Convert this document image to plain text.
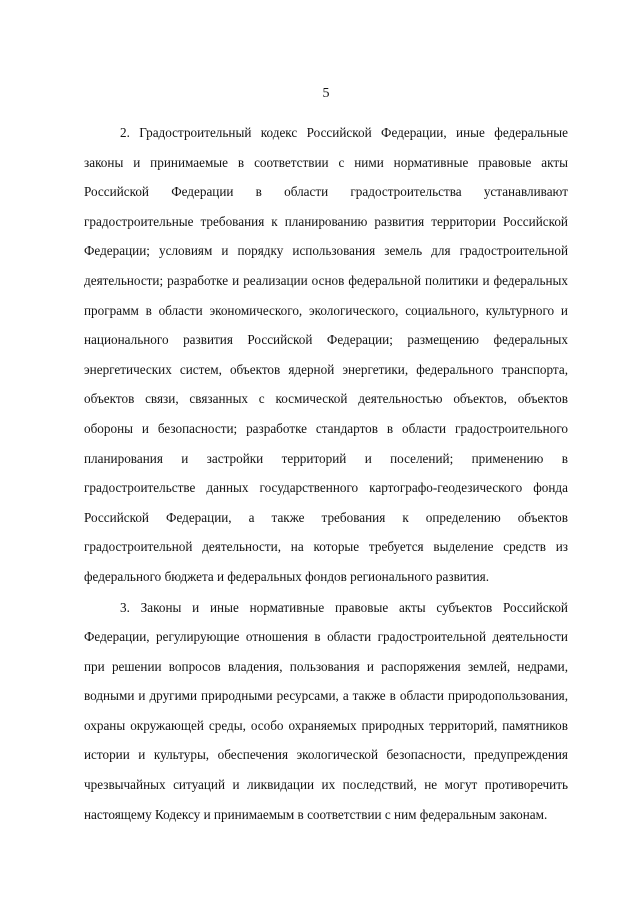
5

2. Градостроительный кодекс Российской Федерации, иные федеральные
законы и принимаемые в соответствии с ними нормативные правовые акты
Российской Федерации в области градостроительства устанавливают
градостроительные требования к планированию развития территории Российской
Федерации; условиям и порядку использования земель для градостроительной
деятельности; разработке и реализации основ федеральной политики и федеральных
программ в области экономического, экологического, социального, культурного и
национального развития Российской Федерации; размещению федеральных
энергетических систем, объектов ядерной энергетики, федерального транспорта,
объектов связи, связанных с космической деятельностью объектов, объектов
обороны и безопасности; разработке стандартов в области градостроительного
планирования и застройки территорий и поселений; применению в
градостроительстве данных государственного картографо-геодезического фонда
Российской Федерации, а также требования к определению объектов
градостроительной деятельности, на которые требуется выделение средств из
федерального бюджета и федеральных фондов регионального развития.

3. Законы и иные нормативные правовые акты субъектов Российской
Федерации, регулирующие отношения в области градостроительной деятельности
при решении вопросов владения, пользования и распоряжения землей, недрами,
водными и другими природными ресурсами, а также в области природопользования,
охраны окружающей среды, особо охраняемых природных территорий, памятников
истории и культуры, обеспечения экологической безопасности, предупреждения
чрезвычайных ситуаций и ликвидации их последствий, не могут противоречить
настоящему Кодексу и принимаемым в соответствии с ним федеральным законам.
